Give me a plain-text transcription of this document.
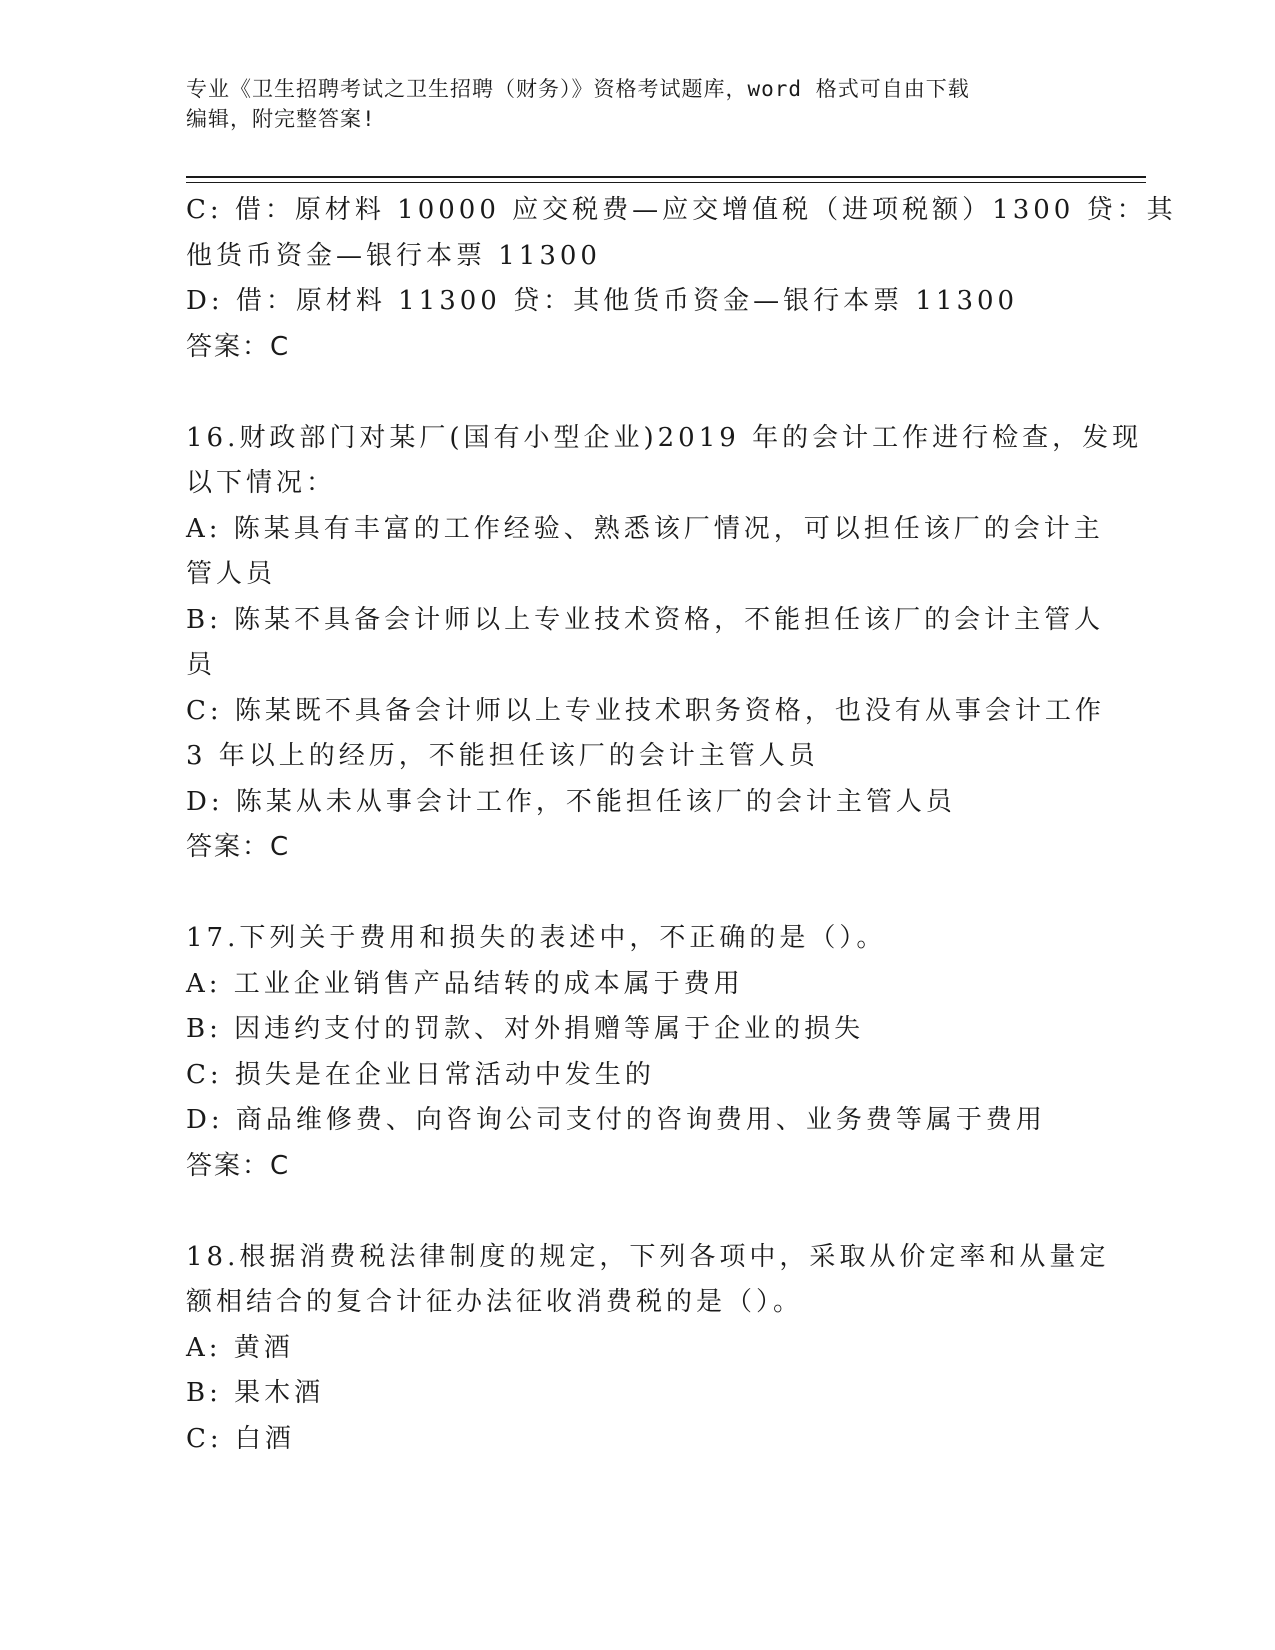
专业《卫生招聘考试之卫生招聘（财务）》资格考试题库，word 格式可自由下载
编辑，附完整答案!
C: 借：原材料 10000 应交税费—应交增值税（进项税额）1300 贷：其
他货币资金—银行本票 11300
D: 借：原材料 11300 贷：其他货币资金—银行本票 11300
答案：C
16.财政部门对某厂(国有小型企业)2019 年的会计工作进行检查，发现
以下情况：
A: 陈某具有丰富的工作经验、熟悉该厂情况，可以担任该厂的会计主
管人员
B: 陈某不具备会计师以上专业技术资格，不能担任该厂的会计主管人
员
C: 陈某既不具备会计师以上专业技术职务资格，也没有从事会计工作
3 年以上的经历，不能担任该厂的会计主管人员
D: 陈某从未从事会计工作，不能担任该厂的会计主管人员
答案：C
17.下列关于费用和损失的表述中，不正确的是（）。
A: 工业企业销售产品结转的成本属于费用
B: 因违约支付的罚款、对外捐赠等属于企业的损失
C: 损失是在企业日常活动中发生的
D: 商品维修费、向咨询公司支付的咨询费用、业务费等属于费用
答案：C
18.根据消费税法律制度的规定，下列各项中，采取从价定率和从量定
额相结合的复合计征办法征收消费税的是（）。
A: 黄酒
B: 果木酒
C: 白酒
